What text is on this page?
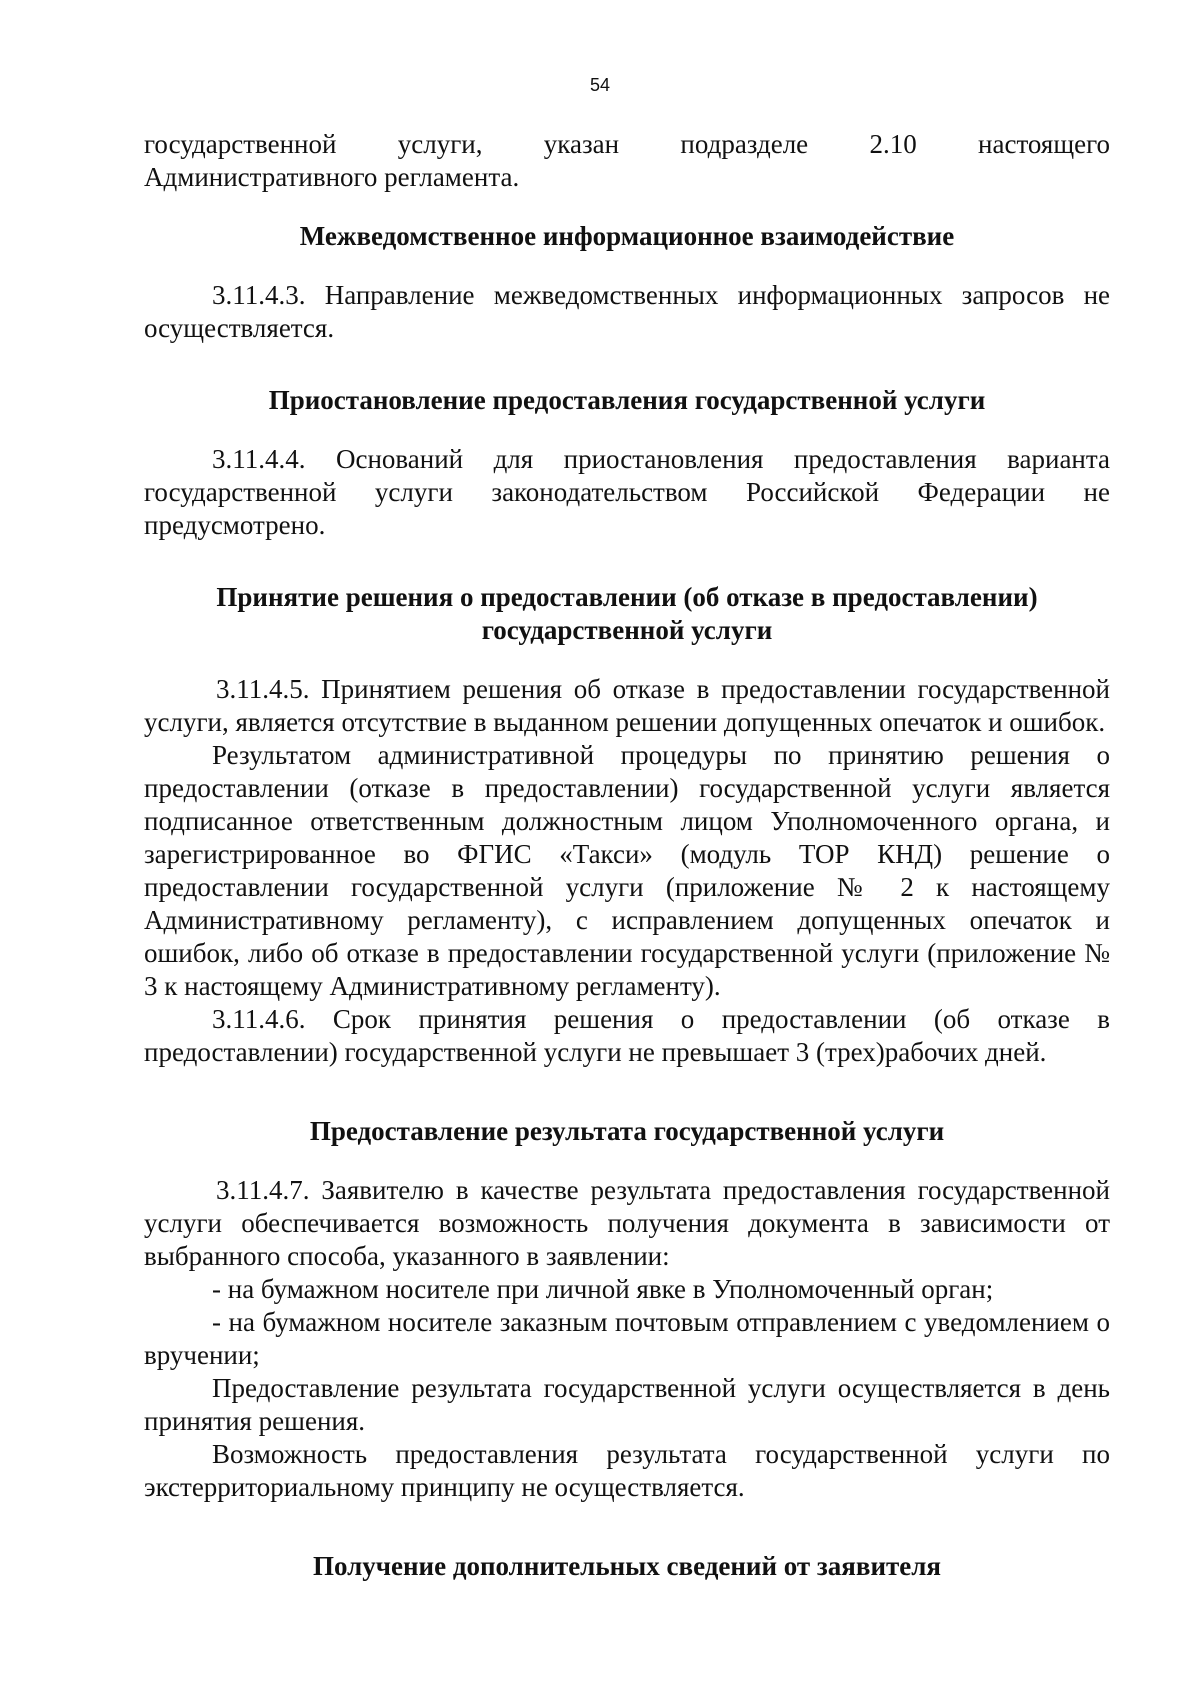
54

государственной услуги, указан подразделе 2.10 настоящего

Административного регламента.

Межведомственное информационное взаимодействие

3.11.4.3. Направление межведомственных информационных запросов не осуществляется.

Приостановление предоставления государственной услуги

3.11.4.4. Оснований для приостановления предоставления варианта государственной услуги законодательством Российской Федерации не предусмотрено.

Принятие решения о предоставлении (об отказе в предоставлении)
государственной услуги

3.11.4.5. Принятием решения об отказе в предоставлении государственной услуги, является отсутствие в выданном решении допущенных опечаток и ошибок.

Результатом административной процедуры по принятию решения о предоставлении (отказе в предоставлении) государственной услуги является подписанное ответственным должностным лицом Уполномоченного органа, и зарегистрированное во ФГИС «Такси» (модуль ТОР КНД) решение о предоставлении государственной услуги (приложение № 2 к настоящему Административному регламенту), с исправлением допущенных опечаток и ошибок, либо об отказе в предоставлении государственной услуги (приложение № 3 к настоящему Административному регламенту).

3.11.4.6. Срок принятия решения о предоставлении (об отказе в предоставлении) государственной услуги не превышает 3 (трех)рабочих дней.

Предоставление результата государственной услуги

3.11.4.7. Заявителю в качестве результата предоставления государственной услуги обеспечивается возможность получения документа в зависимости от выбранного способа, указанного в заявлении:

- на бумажном носителе при личной явке в Уполномоченный орган;

- на бумажном носителе заказным почтовым отправлением с уведомлением о вручении;

Предоставление результата государственной услуги осуществляется в день принятия решения.

Возможность предоставления результата государственной услуги по экстерриториальному принципу не осуществляется.

Получение дополнительных сведений от заявителя
